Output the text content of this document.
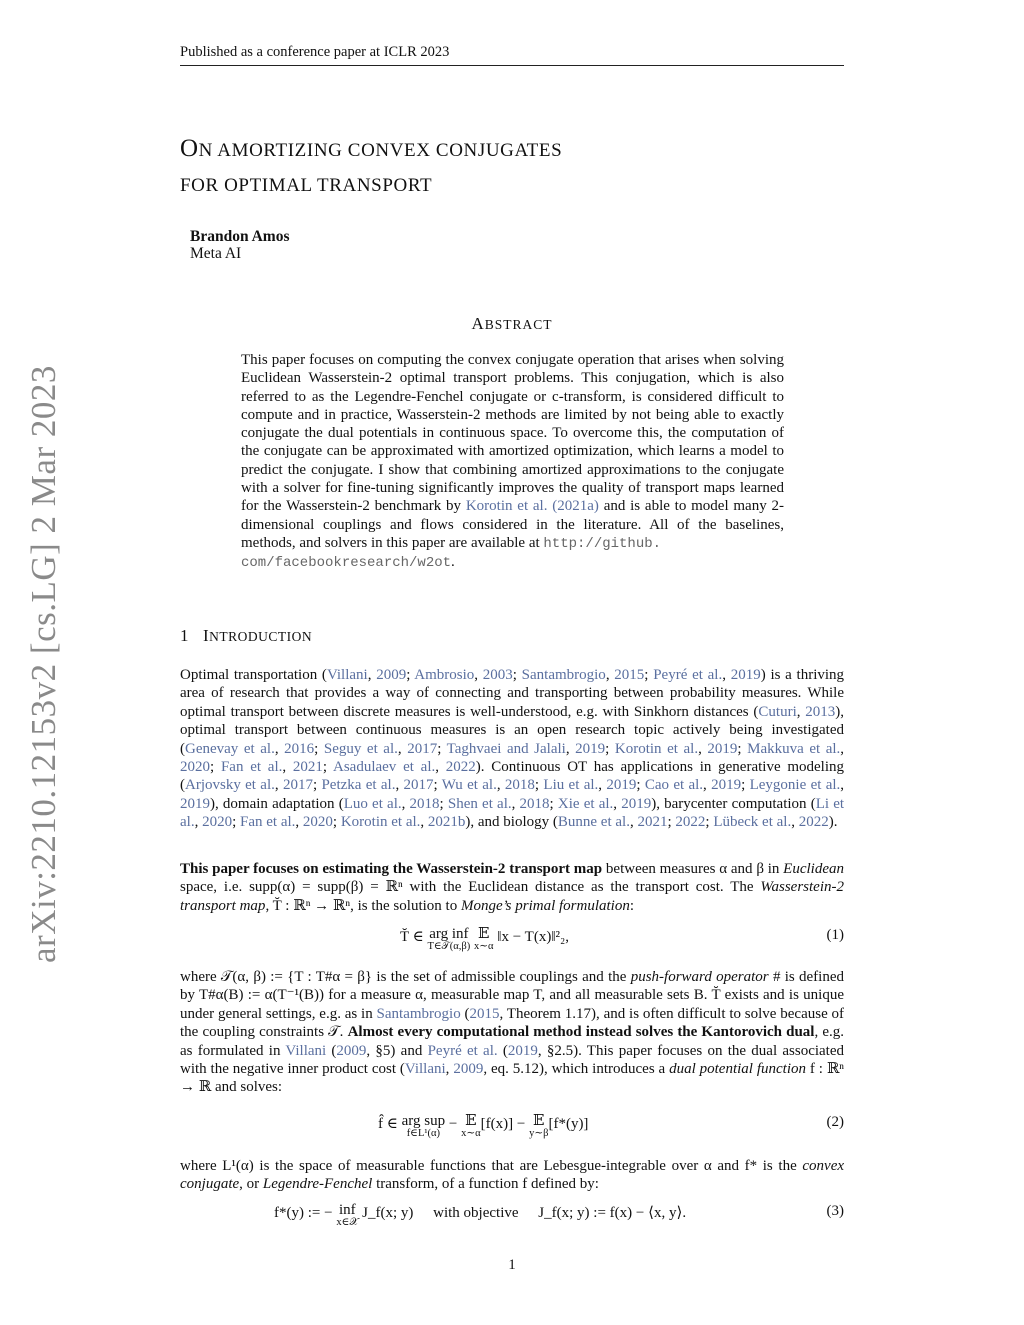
Published as a conference paper at ICLR 2023
arXiv:2210.12153v2 [cs.LG] 2 Mar 2023
ON AMORTIZING CONVEX CONJUGATES
FOR OPTIMAL TRANSPORT
Brandon Amos
Meta AI
ABSTRACT
This paper focuses on computing the convex conjugate operation that arises when solving Euclidean Wasserstein-2 optimal transport problems. This conjugation, which is also referred to as the Legendre-Fenchel conjugate or c-transform, is considered difficult to compute and in practice, Wasserstein-2 methods are limited by not being able to exactly conjugate the dual potentials in continuous space. To overcome this, the computation of the conjugate can be approximated with amortized optimization, which learns a model to predict the conjugate. I show that combining amortized approximations to the conjugate with a solver for fine-tuning significantly improves the quality of transport maps learned for the Wasserstein-2 benchmark by Korotin et al. (2021a) and is able to model many 2-dimensional couplings and flows considered in the literature. All of the baselines, methods, and solvers in this paper are available at http://github.
com/facebookresearch/w2ot.
1 INTRODUCTION
Optimal transportation (Villani, 2009; Ambrosio, 2003; Santambrogio, 2015; Peyré et al., 2019) is a thriving area of research that provides a way of connecting and transporting between probability measures. While optimal transport between discrete measures is well-understood, e.g. with Sinkhorn distances (Cuturi, 2013), optimal transport between continuous measures is an open research topic actively being investigated (Genevay et al., 2016; Seguy et al., 2017; Taghvaei and Jalali, 2019; Korotin et al., 2019; Makkuva et al., 2020; Fan et al., 2021; Asadulaev et al., 2022). Continuous OT has applications in generative modeling (Arjovsky et al., 2017; Petzka et al., 2017; Wu et al., 2018; Liu et al., 2019; Cao et al., 2019; Leygonie et al., 2019), domain adaptation (Luo et al., 2018; Shen et al., 2018; Xie et al., 2019), barycenter computation (Li et al., 2020; Fan et al., 2020; Korotin et al., 2021b), and biology (Bunne et al., 2021; 2022; Lübeck et al., 2022).
This paper focuses on estimating the Wasserstein-2 transport map between measures α and β in Euclidean space, i.e. supp(α) = supp(β) = ℝⁿ with the Euclidean distance as the transport cost. The Wasserstein-2 transport map, T̆ : ℝⁿ → ℝⁿ, is the solution to Monge’s primal formulation:
T̆ ∈ arg inf
T∈𝒯(α,β)
𝔼
x∼α
‖x − T(x)‖²₂,	(1)
where 𝒯(α, β) := {T : T#α = β} is the set of admissible couplings and the push-forward operator # is defined by T#α(B) := α(T⁻¹(B)) for a measure α, measurable map T, and all measurable sets B. T̆ exists and is unique under general settings, e.g. as in Santambrogio (2015, Theorem 1.17), and is often difficult to solve because of the coupling constraints 𝒯. Almost every computational method instead solves the Kantorovich dual, e.g. as formulated in Villani (2009, §5) and Peyré et al. (2019, §2.5). This paper focuses on the dual associated with the negative inner product cost (Villani, 2009, eq. 5.12), which introduces a dual potential function f : ℝⁿ → ℝ and solves:
f̂ ∈ arg sup
f∈L¹(α)
− 𝔼
x∼α
[f(x)] − 𝔼
y∼β
[f*(y)]	(2)
where L¹(α) is the space of measurable functions that are Lebesgue-integrable over α and f* is the convex conjugate, or Legendre-Fenchel transform, of a function f defined by:
f*(y) := − inf
x∈𝒳
J_f(x; y) with objective J_f(x; y) := f(x) − ⟨x, y⟩.	(3)
1
